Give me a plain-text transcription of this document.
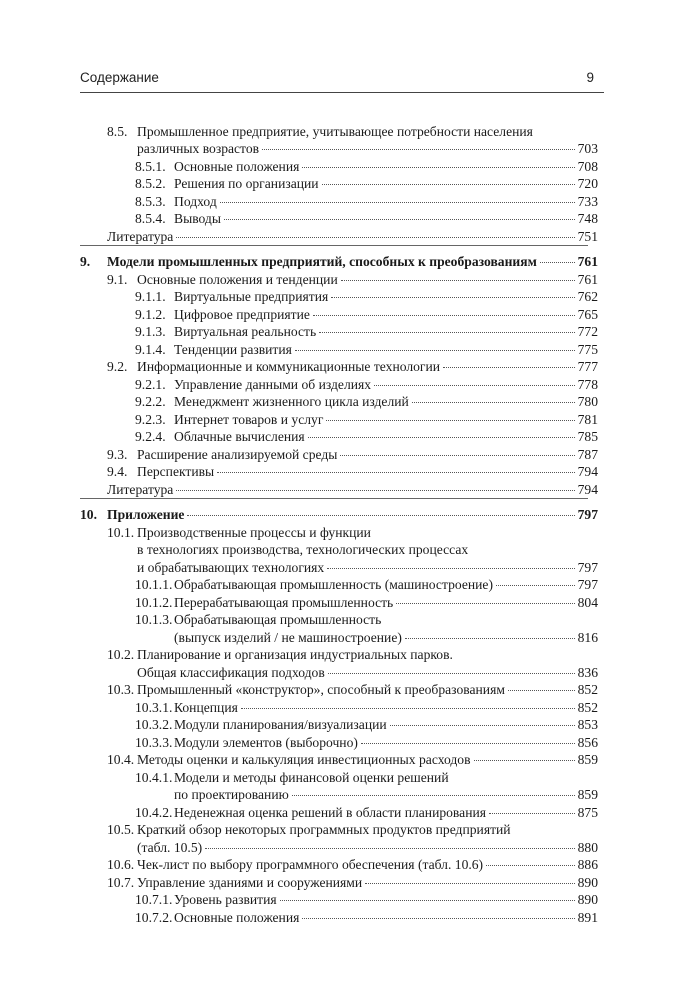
Содержание	9
8.5. Промышленное предприятие, учитывающее потребности населения
различных возрастов	703
8.5.1. Основные положения	708
8.5.2. Решения по организации	720
8.5.3. Подход	733
8.5.4. Выводы	748
Литература	751
9. Модели промышленных предприятий, способных к преобразованиям	761
9.1. Основные положения и тенденции	761
9.1.1. Виртуальные предприятия	762
9.1.2. Цифровое предприятие	765
9.1.3. Виртуальная реальность	772
9.1.4. Тенденции развития	775
9.2. Информационные и коммуникационные технологии	777
9.2.1. Управление данными об изделиях	778
9.2.2. Менеджмент жизненного цикла изделий	780
9.2.3. Интернет товаров и услуг	781
9.2.4. Облачные вычисления	785
9.3. Расширение анализируемой среды	787
9.4. Перспективы	794
Литература	794
10. Приложение	797
10.1. Производственные процессы и функции
в технологиях производства, технологических процессах
и обрабатывающих технологиях	797
10.1.1. Обрабатывающая промышленность (машиностроение)	797
10.1.2. Перерабатывающая промышленность	804
10.1.3. Обрабатывающая промышленность
(выпуск изделий / не машиностроение)	816
10.2. Планирование и организация индустриальных парков.
Общая классификация подходов	836
10.3. Промышленный «конструктор», способный к преобразованиям	852
10.3.1. Концепция	852
10.3.2. Модули планирования/визуализации	853
10.3.3. Модули элементов (выборочно)	856
10.4. Методы оценки и калькуляция инвестиционных расходов	859
10.4.1. Модели и методы финансовой оценки решений
по проектированию	859
10.4.2. Неденежная оценка решений в области планирования	875
10.5. Краткий обзор некоторых программных продуктов предприятий
(табл. 10.5)	880
10.6. Чек-лист по выбору программного обеспечения (табл. 10.6)	886
10.7. Управление зданиями и сооружениями	890
10.7.1. Уровень развития	890
10.7.2. Основные положения	891
